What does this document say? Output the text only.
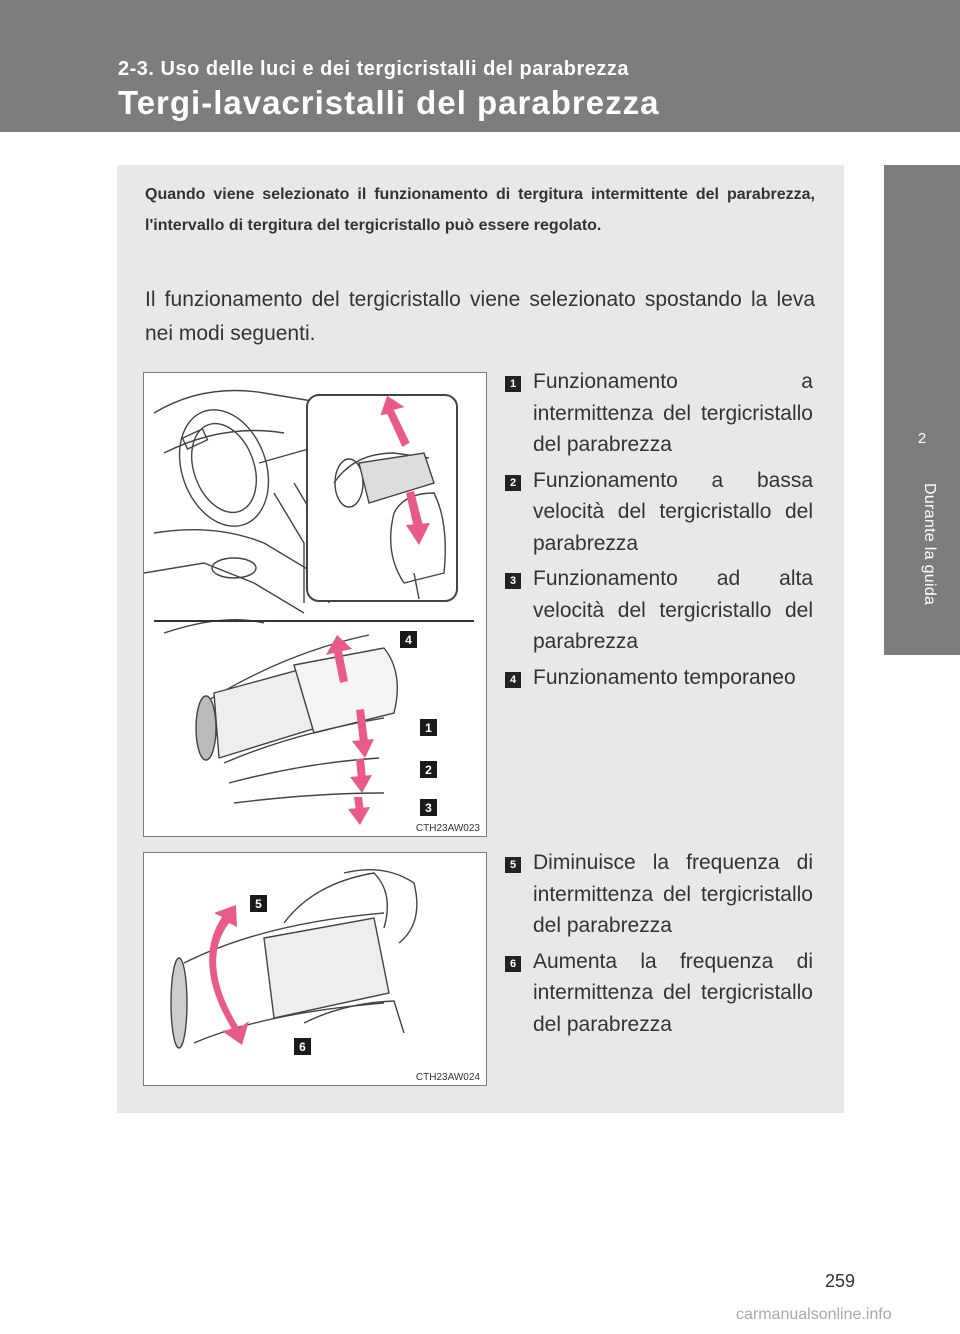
2-3. Uso delle luci e dei tergicristalli del parabrezza
Tergi-lavacristalli del parabrezza
2
Durante la guida
Quando viene selezionato il funzionamento di tergitura intermittente del parabrezza, l'intervallo di tergitura del tergicristallo può essere regolato.
Il funzionamento del tergicristallo viene selezionato spostando la leva nei modi seguenti.
4
1
2
3
CTH23AW023
5
6
CTH23AW024
1 Funzionamento a intermittenza del tergicristallo del parabrezza
2 Funzionamento a bassa velocità del tergicristallo del parabrezza
3 Funzionamento ad alta velocità del tergicristallo del parabrezza
4 Funzionamento temporaneo
5 Diminuisce la frequenza di intermittenza del tergicristallo del parabrezza
6 Aumenta la frequenza di intermittenza del tergicristallo del parabrezza
259
carmanualsonline.info
